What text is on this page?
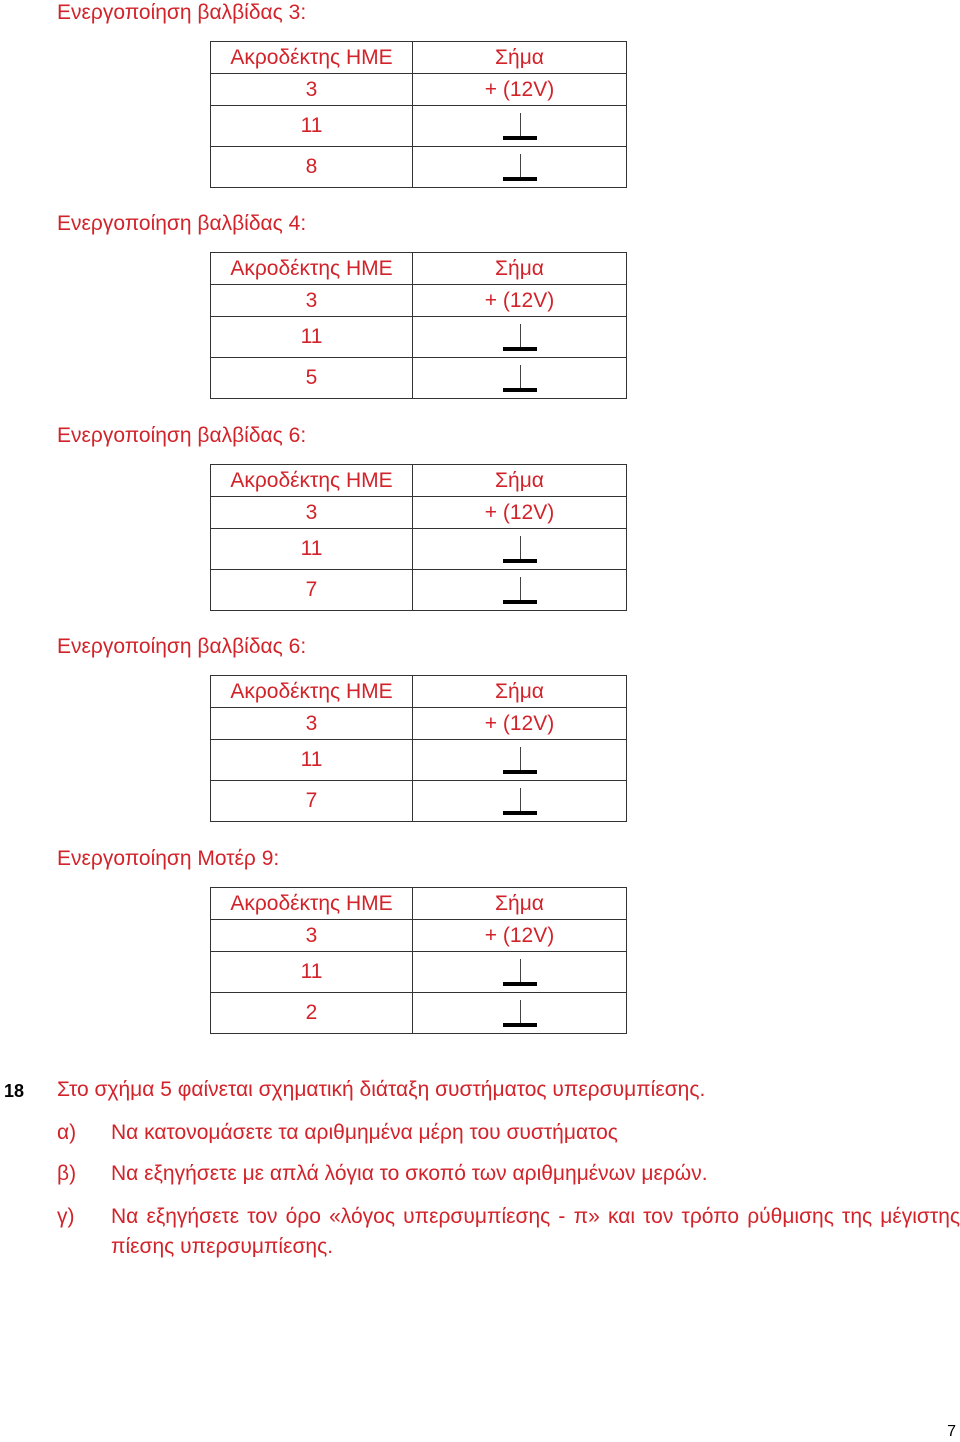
Ενεργοποίηση βαλβίδας 3:
Ακροδέκτης ΗΜΕ	Σήμα
3	+ (12V)
11	
8	
Ενεργοποίηση βαλβίδας 4:
Ακροδέκτης ΗΜΕ	Σήμα
3	+ (12V)
11	
5	
Ενεργοποίηση βαλβίδας 6:
Ακροδέκτης ΗΜΕ	Σήμα
3	+ (12V)
11	
7	
Ενεργοποίηση βαλβίδας 6:
Ακροδέκτης ΗΜΕ	Σήμα
3	+ (12V)
11	
7	
Ενεργοποίηση Μοτέρ 9:
Ακροδέκτης ΗΜΕ	Σήμα
3	+ (12V)
11	
2	
18 Στο σχήμα 5 φαίνεται σχηματική διάταξη συστήματος υπερσυμπίεσης.
α) Να κατονομάσετε τα αριθμημένα μέρη του συστήματος
β) Να εξηγήσετε με απλά λόγια το σκοπό των αριθμημένων μερών.
γ) Να εξηγήσετε τον όρο «λόγος υπερσυμπίεσης - π» και τον τρόπο ρύθμισης της μέγιστης πίεσης υπερσυμπίεσης.
7
